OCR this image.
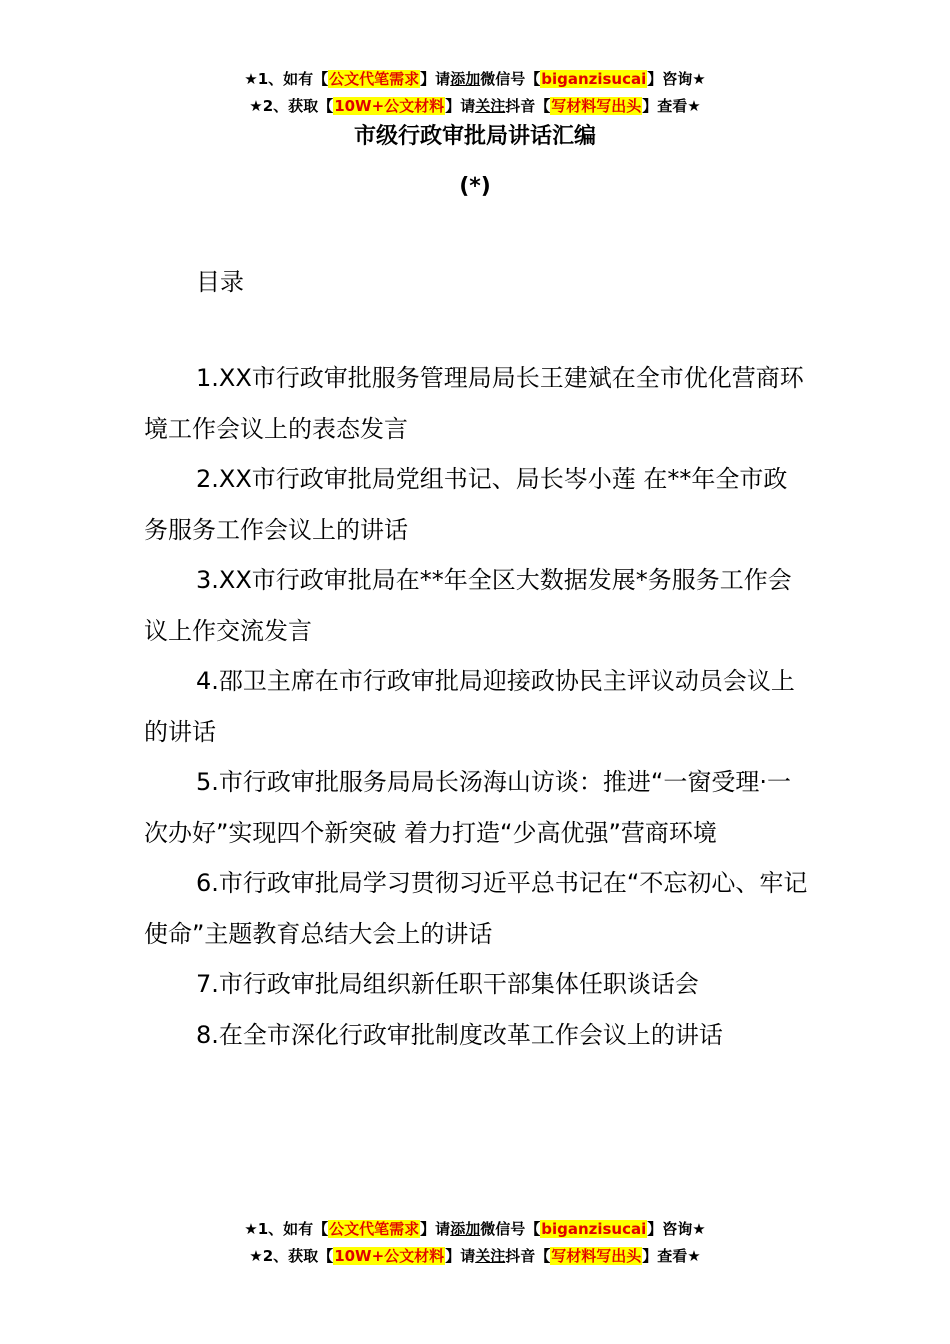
★1、如有【公文代笔需求】请添加微信号【biganzisucai】咨询★
★2、获取【10W+公文材料】请关注抖音【写材料写出头】查看★
市级行政审批局讲话汇编
(*)
目录

1.XX市行政审批服务管理局局长王建斌在全市优化营商环境工作会议上的表态发言

2.XX市行政审批局党组书记、局长岑小莲 在**年全市政务服务工作会议上的讲话

3.XX市行政审批局在**年全区大数据发展*务服务工作会议上作交流发言

4.邵卫主席在市行政审批局迎接政协民主评议动员会议上的讲话

5.市行政审批服务局局长汤海山访谈：推进“一窗受理·一次办好”实现四个新突破 着力打造“少高优强”营商环境

6.市行政审批局学习贯彻习近平总书记在“不忘初心、牢记使命”主题教育总结大会上的讲话

7.市行政审批局组织新任职干部集体任职谈话会

8.在全市深化行政审批制度改革工作会议上的讲话

★1、如有【公文代笔需求】请添加微信号【biganzisucai】咨询★
★2、获取【10W+公文材料】请关注抖音【写材料写出头】查看★
